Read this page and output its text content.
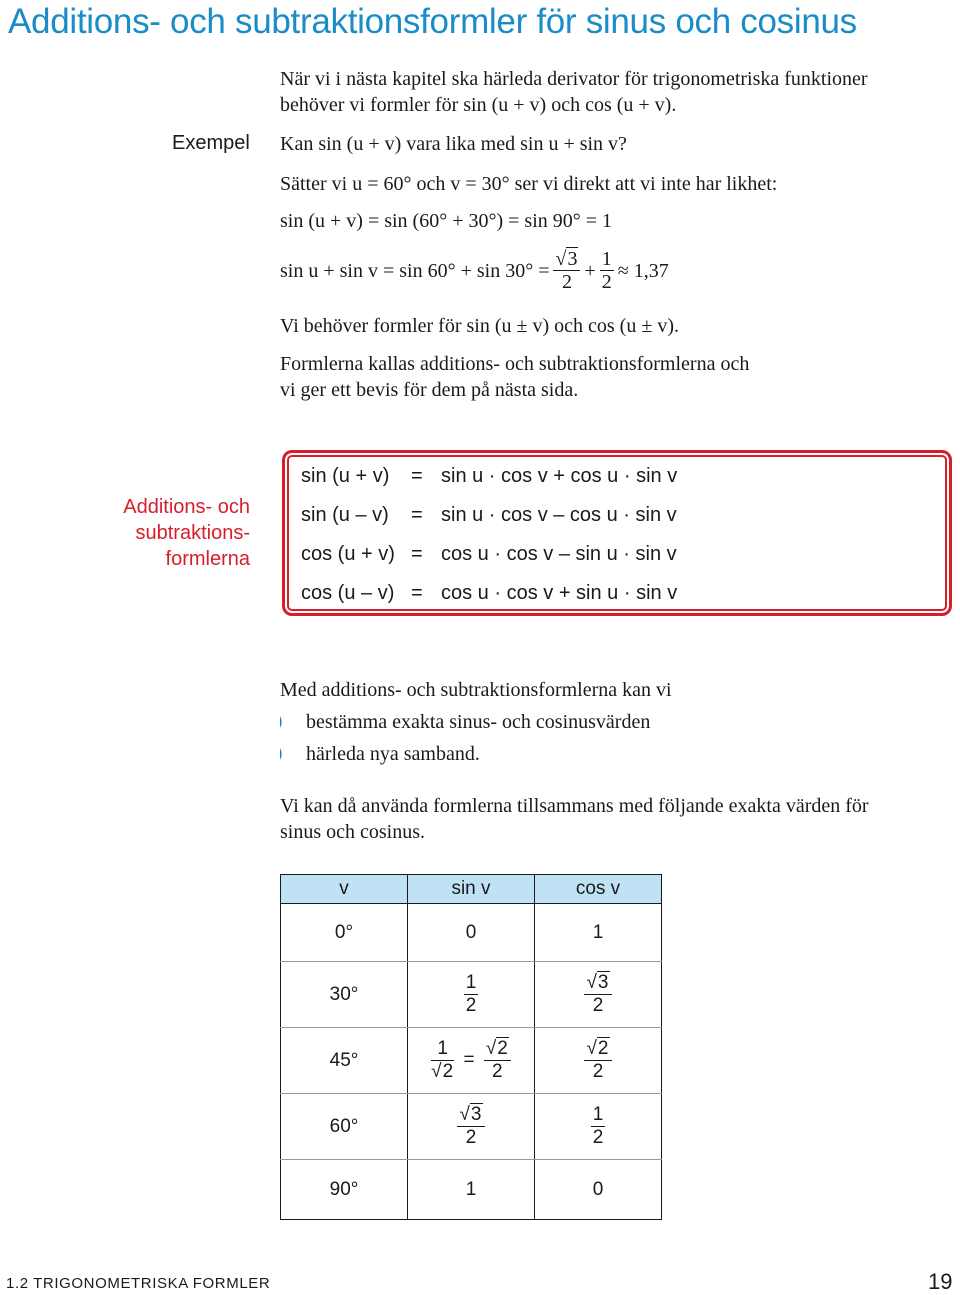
Additions- och subtraktionsformler för sinus och cosinus
När vi i nästa kapitel ska härleda derivator för trigonometriska funktioner
behöver vi formler för sin (u + v) och cos (u + v).
Exempel Kan sin (u + v) vara lika med sin u + sin v?
Sätter vi u = 60° och v = 30° ser vi direkt att vi inte har likhet:
sin (u + v) = sin (60° + 30°) = sin 90° = 1
$\sin u + \sin v = \sin 60^\circ + \sin 30^\circ = \frac{√3}{2} + \frac{1}{2} \approx 1,37$
Vi behöver formler för sin (u ± v) och cos (u ± v).
Formlerna kallas additions- och subtraktionsformlerna och
vi ger ett bevis för dem på nästa sida.
Additions- och
subtraktions-
formlerna
sin (u + v)	= sin u · cos v + cos u · sin v
sin (u – v)	= sin u · cos v – cos u · sin v
cos (u + v) = cos u · cos v – sin u · sin v
cos (u – v) = cos u · cos v + sin u · sin v
Med additions- och subtraktionsformlerna kan vi
bestämma exakta sinus- och cosinusvärden
härleda nya samband.
Vi kan då använda formlerna tillsammans med följande exakta värden för
sinus och cosinus.
v	sin v	cos v
0°	0	1
30°	$\frac{1}{2}$	$\frac{√3}{2}$

45°	$\frac{1}{√2} = \frac{√2}{2}$	$\frac{√2}{2}$

60°	$\frac{√3}{2}$	$\frac{1}{2}$

90°	1	0
1.2 TRIGONOMETRISKA FORMLER	19
